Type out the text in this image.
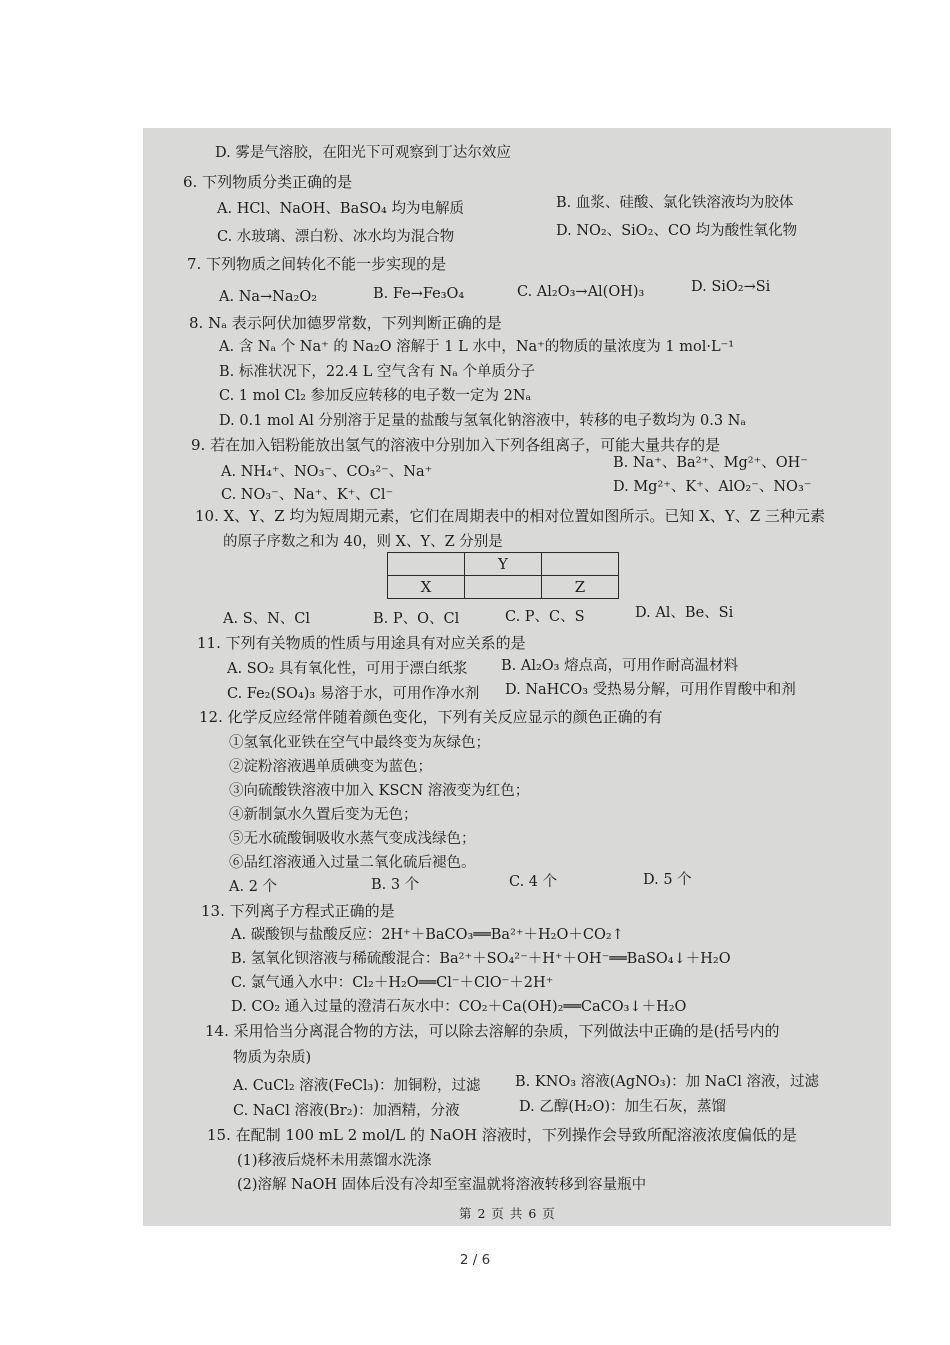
D. 雾是气溶胶，在阳光下可观察到丁达尔效应
6. 下列物质分类正确的是
A. HCl、NaOH、BaSO₄ 均为电解质	B. 血浆、硅酸、氯化铁溶液均为胶体
C. 水玻璃、漂白粉、冰水均为混合物	D. NO₂、SiO₂、CO 均为酸性氧化物
7. 下列物质之间转化不能一步实现的是
A. Na→Na₂O₂	B. Fe→Fe₃O₄	C. Al₂O₃→Al(OH)₃	D. SiO₂→Si
8. Nₐ 表示阿伏加德罗常数，下列判断正确的是
A. 含 Nₐ 个 Na⁺ 的 Na₂O 溶解于 1 L 水中，Na⁺的物质的量浓度为 1 mol·L⁻¹
B. 标准状况下，22.4 L 空气含有 Nₐ 个单质分子
C. 1 mol Cl₂ 参加反应转移的电子数一定为 2Nₐ
D. 0.1 mol Al 分别溶于足量的盐酸与氢氧化钠溶液中，转移的电子数均为 0.3 Nₐ
9. 若在加入铝粉能放出氢气的溶液中分别加入下列各组离子，可能大量共存的是
A. NH₄⁺、NO₃⁻、CO₃²⁻、Na⁺
B. Na⁺、Ba²⁺、Mg²⁺、OH⁻
C. NO₃⁻、Na⁺、K⁺、Cl⁻	D. Mg²⁺、K⁺、AlO₂⁻、NO₃⁻
10. X、Y、Z 均为短周期元素，它们在周期表中的相对位置如图所示。已知 X、Y、Z 三种元素
的原子序数之和为 40，则 X、Y、Z 分别是
	Y	
X		Z
A. S、N、Cl	B. P、O、Cl	C. P、C、S	D. Al、Be、Si
11. 下列有关物质的性质与用途具有对应关系的是
A. SO₂ 具有氧化性，可用于漂白纸浆 B. Al₂O₃ 熔点高，可用作耐高温材料
C. Fe₂(SO₄)₃ 易溶于水，可用作净水剂 D. NaHCO₃ 受热易分解，可用作胃酸中和剂
12. 化学反应经常伴随着颜色变化，下列有关反应显示的颜色正确的有
①氢氧化亚铁在空气中最终变为灰绿色；
②淀粉溶液遇单质碘变为蓝色；
③向硫酸铁溶液中加入 KSCN 溶液变为红色；
④新制氯水久置后变为无色；
⑤无水硫酸铜吸收水蒸气变成浅绿色；
⑥品红溶液通入过量二氧化硫后褪色。
A. 2 个	B. 3 个	C. 4 个	D. 5 个
13. 下列离子方程式正确的是
A. 碳酸钡与盐酸反应：2H⁺＋BaCO₃══Ba²⁺＋H₂O＋CO₂↑
B. 氢氧化钡溶液与稀硫酸混合：Ba²⁺＋SO₄²⁻＋H⁺＋OH⁻══BaSO₄↓＋H₂O
C. 氯气通入水中：Cl₂＋H₂O══Cl⁻＋ClO⁻＋2H⁺
D. CO₂ 通入过量的澄清石灰水中：CO₂＋Ca(OH)₂══CaCO₃↓＋H₂O
14. 采用恰当分离混合物的方法，可以除去溶解的杂质，下列做法中正确的是(括号内的
物质为杂质)
A. CuCl₂ 溶液(FeCl₃)：加铜粉，过滤 B. KNO₃ 溶液(AgNO₃)：加 NaCl 溶液，过滤
C. NaCl 溶液(Br₂)：加酒精，分液	D. 乙醇(H₂O)：加生石灰，蒸馏
15. 在配制 100 mL 2 mol/L 的 NaOH 溶液时，下列操作会导致所配溶液浓度偏低的是
(1)移液后烧杯未用蒸馏水洗涤
(2)溶解 NaOH 固体后没有冷却至室温就将溶液转移到容量瓶中
第 2 页 共 6 页
2 / 6
